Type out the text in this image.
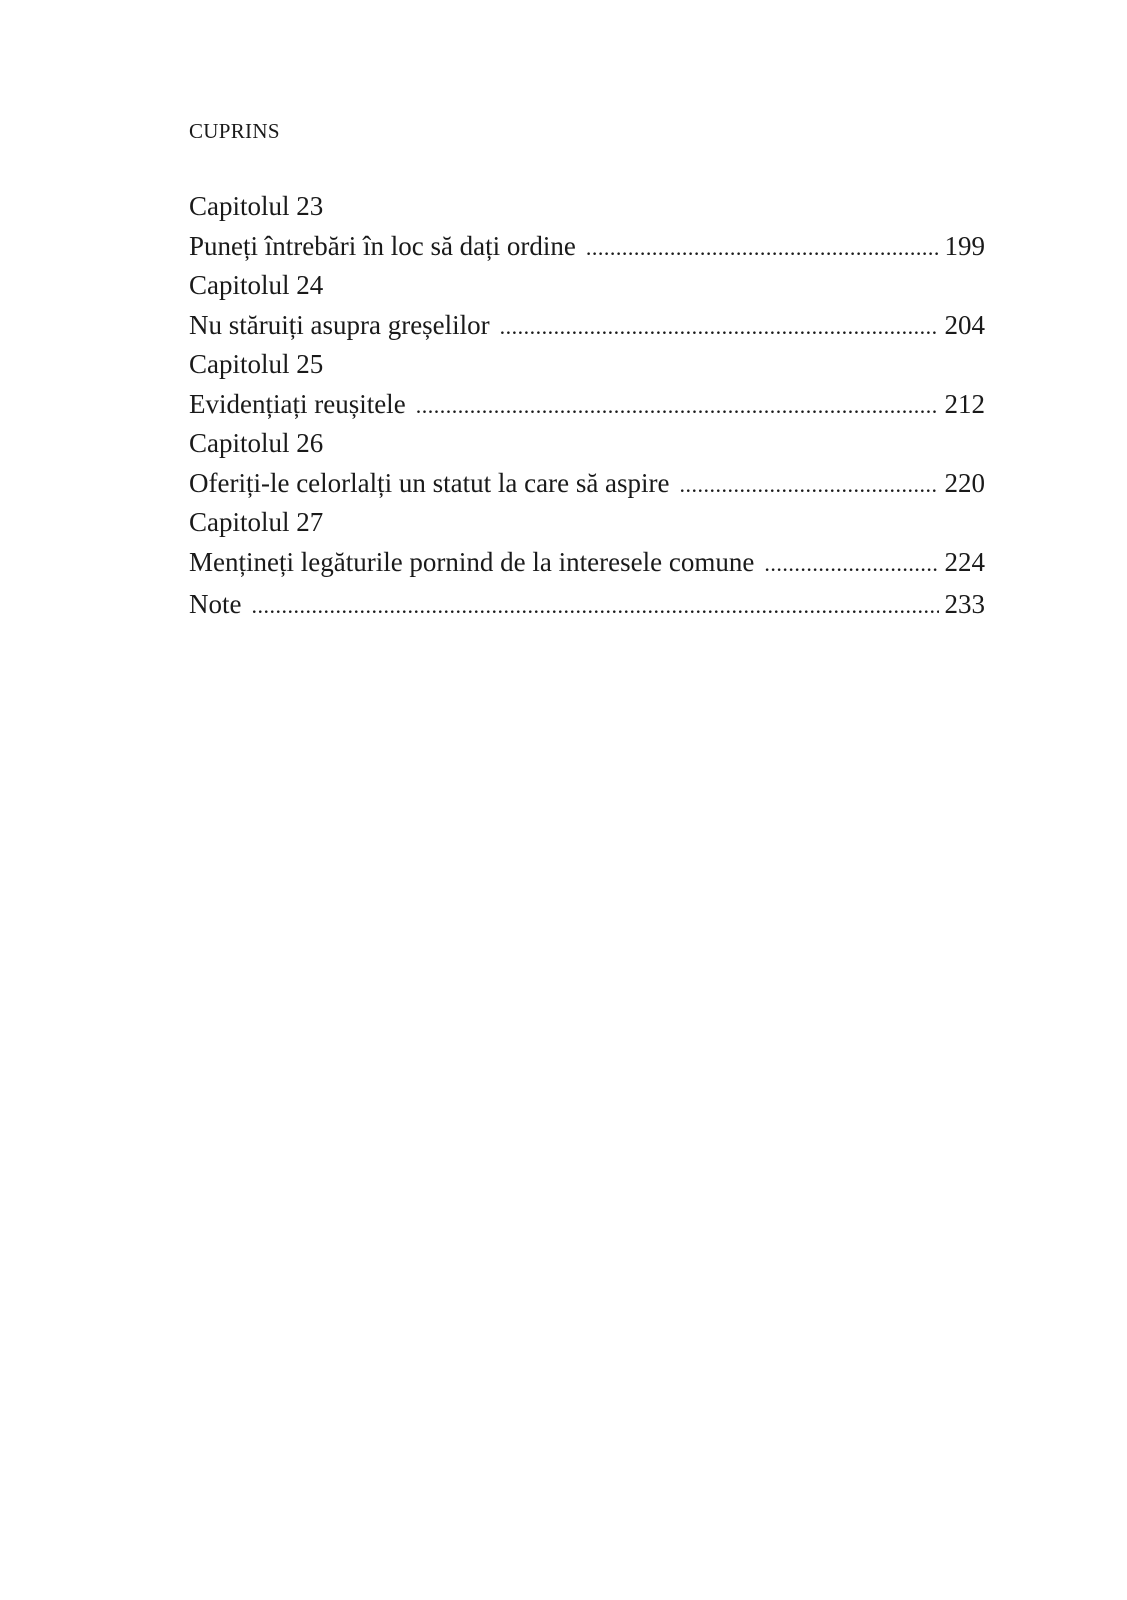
CUPRINS
Capitolul 23
Puneți întrebări în loc să dați ordine .....	199
Capitolul 24
Nu stăruiți asupra greșelilor .....	204
Capitolul 25
Evidențiați reușitele .....	212
Capitolul 26
Oferiți-le celorlalți un statut la care să aspire .....	220
Capitolul 27
Mențineți legăturile pornind de la interesele comune .....	224
Note .....	233
